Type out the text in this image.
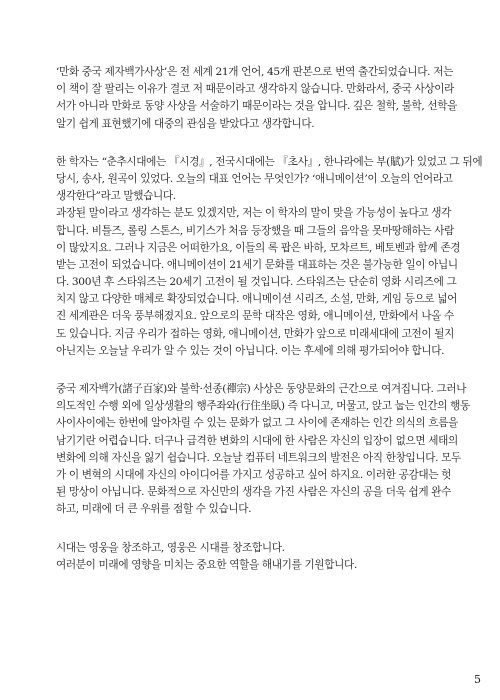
‘만화 중국 제자백가사상’은 전 세계 21개 언어, 45개 판본으로 번역 출간되었습니다. 저는
이 책이 잘 팔리는 이유가 결코 저 때문이라고 생각하지 않습니다. 만화라서, 중국 사상이라
서가 아니라 만화로 동양 사상을 서술하기 때문이라는 것을 압니다. 깊은 철학, 불학, 선학을
알기 쉽게 표현했기에 대중의 관심을 받았다고 생각합니다.

한 학자는 “춘추시대에는 『시경』, 전국시대에는 『초사』, 한나라에는 부(賦)가 있었고 그 뒤에
당시, 송사, 원곡이 있었다. 오늘의 대표 언어는 무엇인가? ‘애니메이션’이 오늘의 언어라고
생각한다”라고 말했습니다.
과장된 말이라고 생각하는 분도 있겠지만, 저는 이 학자의 말이 맞을 가능성이 높다고 생각
합니다. 비틀즈, 롤링 스톤스, 비기스가 처음 등장했을 때 그들의 음악을 못마땅해하는 사람
이 많았지요. 그러나 지금은 어떠한가요, 이들의 록 팝은 바하, 모차르트, 베토벤과 함께 존경
받는 고전이 되었습니다. 애니메이션이 21세기 문화를 대표하는 것은 불가능한 일이 아닙니
다. 300년 후 스타워즈는 20세기 고전이 될 것입니다. 스타워즈는 단순히 영화 시리즈에 그
치지 않고 다양한 매체로 확장되었습니다. 애니메이션 시리즈, 소설, 만화, 게임 등으로 넓어
진 세계관은 더욱 풍부해졌지요. 앞으로의 문학 대작은 영화, 애니메이션, 만화에서 나올 수
도 있습니다. 지금 우리가 접하는 영화, 애니메이션, 만화가 앞으로 미래세대에 고전이 될지
아닌지는 오늘날 우리가 알 수 있는 것이 아닙니다. 이는 후세에 의해 평가되어야 합니다.

중국 제자백가(諸子百家)와 불학·선종(禪宗) 사상은 동양문화의 근간으로 여겨집니다. 그러나
의도적인 수행 외에 일상생활의 행주좌와(行住坐臥) 즉 다니고, 머물고, 앉고 눕는 인간의 행동
사이사이에는 한번에 알아차릴 수 있는 문화가 없고 그 사이에 존재하는 인간 의식의 흐름을
남기기란 어렵습니다. 더구나 급격한 변화의 시대에 한 사람은 자신의 입장이 없으면 세태의
변화에 의해 자신을 잃기 쉽습니다. 오늘날 컴퓨터 네트워크의 발전은 아직 한창입니다. 모두
가 이 변혁의 시대에 자신의 아이디어를 가지고 성공하고 싶어 하지요. 이러한 공감대는 헛
된 망상이 아닙니다. 문화적으로 자신만의 생각을 가진 사람은 자신의 공을 더욱 쉽게 완수
하고, 미래에 더 큰 우위를 점할 수 있습니다.

시대는 영웅을 창조하고, 영웅은 시대를 창조합니다.
여러분이 미래에 영향을 미치는 중요한 역할을 해내기를 기원합니다.

5
